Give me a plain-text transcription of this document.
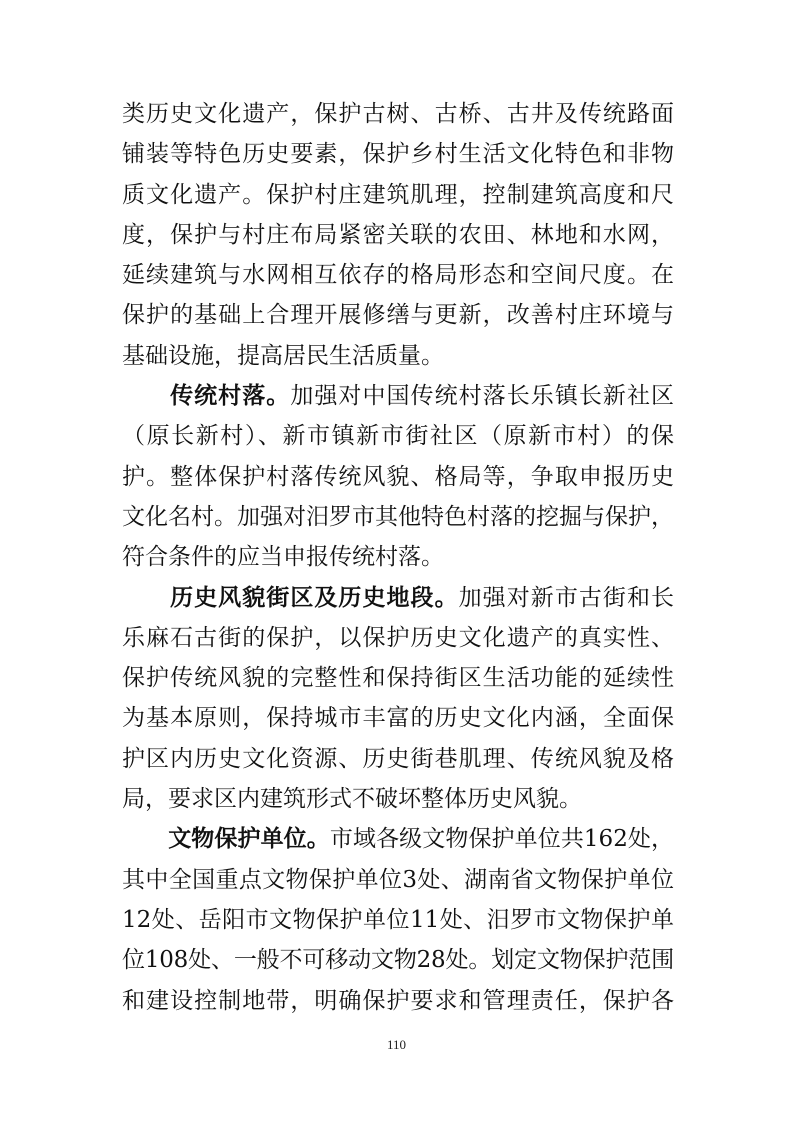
类历史文化遗产，保护古树、古桥、古井及传统路面
铺装等特色历史要素，保护乡村生活文化特色和非物
质文化遗产。保护村庄建筑肌理，控制建筑高度和尺
度，保护与村庄布局紧密关联的农田、林地和水网，
延续建筑与水网相互依存的格局形态和空间尺度。在
保护的基础上合理开展修缮与更新，改善村庄环境与
基础设施，提高居民生活质量。
　　传统村落。加强对中国传统村落长乐镇长新社区
（原长新村）、新市镇新市街社区（原新市村）的保
护。整体保护村落传统风貌、格局等，争取申报历史
文化名村。加强对汨罗市其他特色村落的挖掘与保护，
符合条件的应当申报传统村落。
　　历史风貌街区及历史地段。加强对新市古街和长
乐麻石古街的保护，以保护历史文化遗产的真实性、
保护传统风貌的完整性和保持街区生活功能的延续性
为基本原则，保持城市丰富的历史文化内涵，全面保
护区内历史文化资源、历史街巷肌理、传统风貌及格
局，要求区内建筑形式不破坏整体历史风貌。
　　文物保护单位。市域各级文物保护单位共162处，
其中全国重点文物保护单位3处、湖南省文物保护单位
12处、岳阳市文物保护单位11处、汨罗市文物保护单
位108处、一般不可移动文物28处。划定文物保护范围
和建设控制地带，明确保护要求和管理责任，保护各
110
